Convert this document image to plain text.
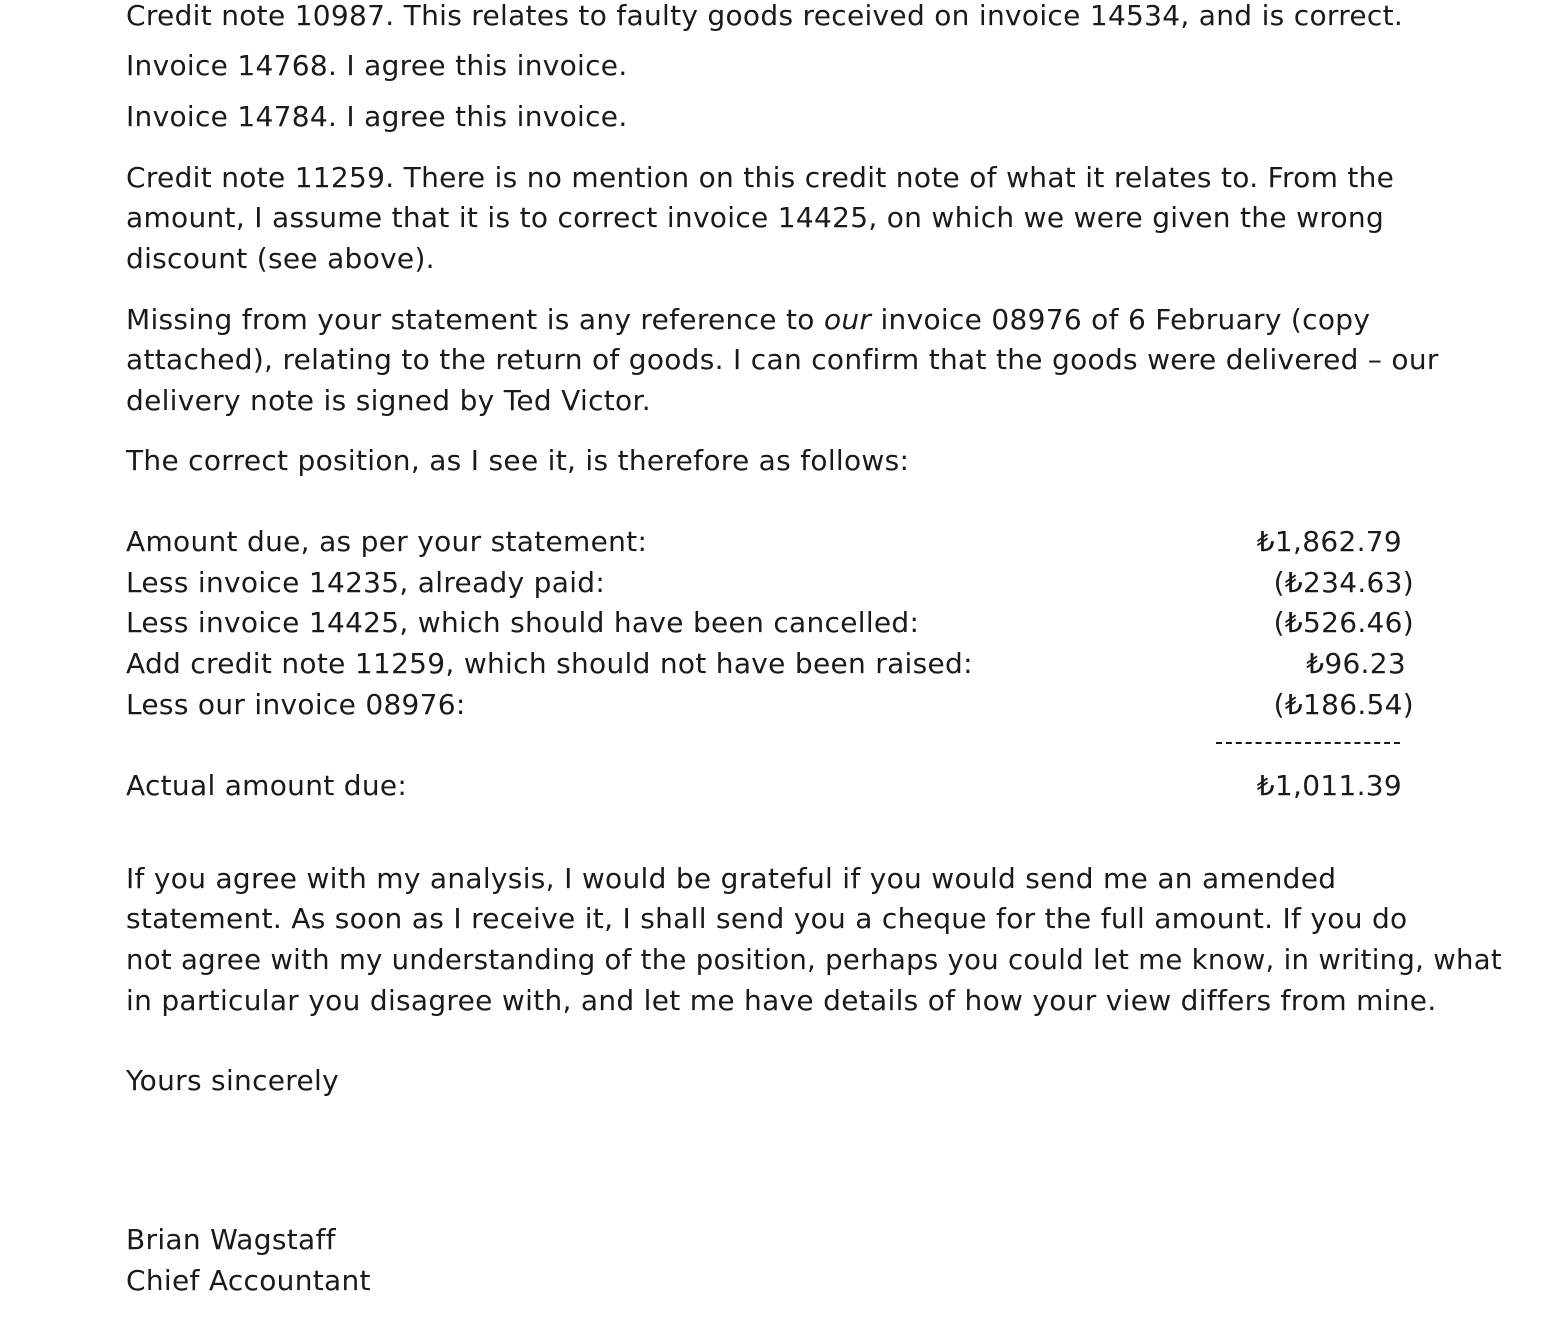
Credit note 10987. This relates to faulty goods received on invoice 14534, and is correct.
Invoice 14768. I agree this invoice.
Invoice 14784. I agree this invoice.
Credit note 11259. There is no mention on this credit note of what it relates to. From the
amount, I assume that it is to correct invoice 14425, on which we were given the wrong
discount (see above).
Missing from your statement is any reference to our invoice 08976 of 6 February (copy
attached), relating to the return of goods. I can confirm that the goods were delivered – our
delivery note is signed by Ted Victor.
The correct position, as I see it, is therefore as follows:
Amount due, as per your statement:	₺1,862.79
Less invoice 14235, already paid:	(₺234.63)
Less invoice 14425, which should have been cancelled:	(₺526.46)
Add credit note 11259, which should not have been raised:	₺96.23
Less our invoice 08976:	(₺186.54)
Actual amount due:	₺1,011.39
If you agree with my analysis, I would be grateful if you would send me an amended
statement. As soon as I receive it, I shall send you a cheque for the full amount. If you do
not agree with my understanding of the position, perhaps you could let me know, in writing, what
in particular you disagree with, and let me have details of how your view differs from mine.
Yours sincerely
Brian Wagstaff
Chief Accountant
